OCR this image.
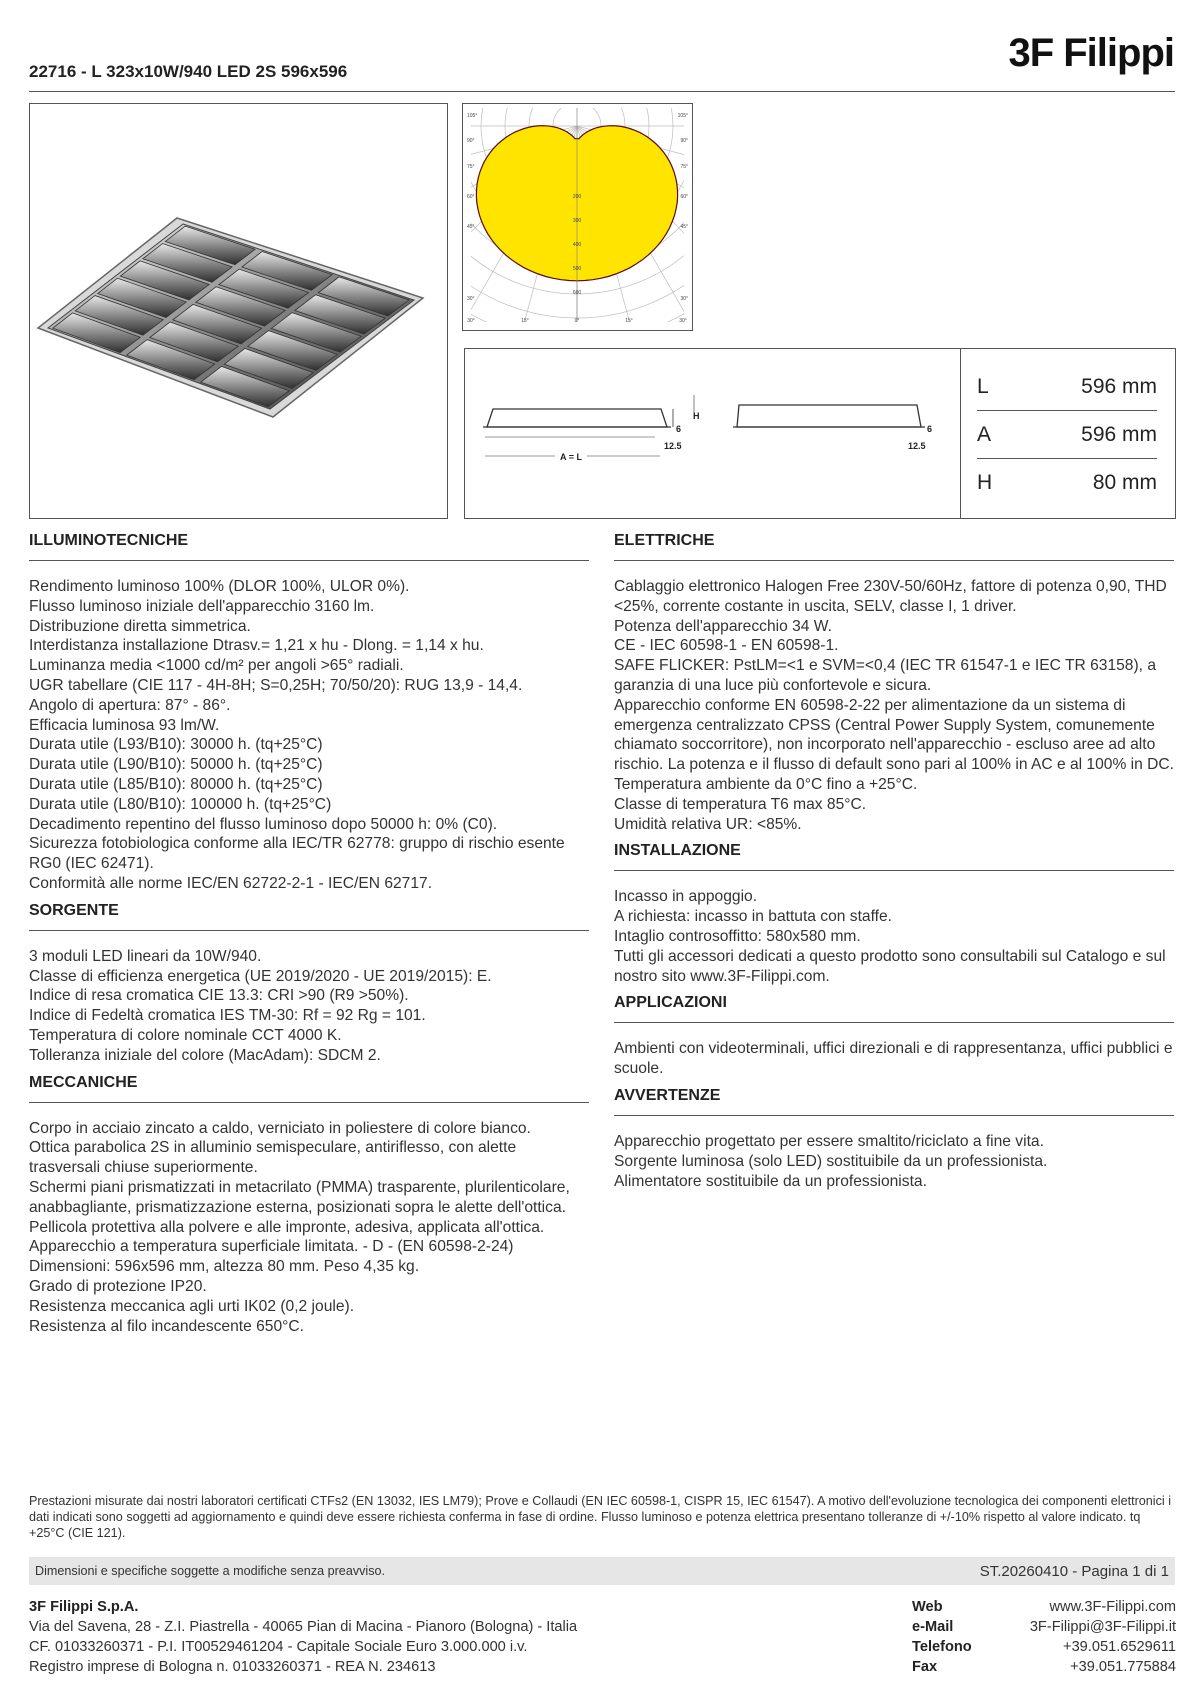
22716 - L 323x10W/940 LED 2S 596x596	3F Filippi
105°
90°
75°
60°
45°
30°
105°
90°
75°
60°
45°
30°
30°	15°	0°	15°	30°
200
300
400
500
600
A = L
H
6
12.5
6
12.5
L	596 mm
A	596 mm
H	80 mm
ILLUMINOTECNICHE

Rendimento luminoso 100% (DLOR 100%, ULOR 0%).

Flusso luminoso iniziale dell'apparecchio 3160 lm.

Distribuzione diretta simmetrica.

Interdistanza installazione Dtrasv.= 1,21 x hu - Dlong. = 1,14 x hu.

Luminanza media <1000 cd/m² per angoli >65° radiali.

UGR tabellare (CIE 117 - 4H-8H; S=0,25H; 70/50/20): RUG 13,9 - 14,4.

Angolo di apertura: 87° - 86°.

Efficacia luminosa 93 lm/W.

Durata utile (L93/B10): 30000 h. (tq+25°C)

Durata utile (L90/B10): 50000 h. (tq+25°C)

Durata utile (L85/B10): 80000 h. (tq+25°C)

Durata utile (L80/B10): 100000 h. (tq+25°C)

Decadimento repentino del flusso luminoso dopo 50000 h: 0% (C0).

Sicurezza fotobiologica conforme alla IEC/TR 62778: gruppo di rischio esente RG0 (IEC 62471).

Conformità alle norme IEC/EN 62722-2-1 - IEC/EN 62717.

SORGENTE

3 moduli LED lineari da 10W/940.

Classe di efficienza energetica (UE 2019/2020 - UE 2019/2015): E.

Indice di resa cromatica CIE 13.3: CRI >90 (R9 >50%).

Indice di Fedeltà cromatica IES TM-30: Rf = 92 Rg = 101.

Temperatura di colore nominale CCT 4000 K.

Tolleranza iniziale del colore (MacAdam): SDCM 2.

MECCANICHE

Corpo in acciaio zincato a caldo, verniciato in poliestere di colore bianco.

Ottica parabolica 2S in alluminio semispeculare, antiriflesso, con alette trasversali chiuse superiormente.

Schermi piani prismatizzati in metacrilato (PMMA) trasparente, plurilenticolare, anabbagliante, prismatizzazione esterna, posizionati sopra le alette dell'ottica.

Pellicola protettiva alla polvere e alle impronte, adesiva, applicata all'ottica.

Apparecchio a temperatura superficiale limitata. - D - (EN 60598-2-24)

Dimensioni: 596x596 mm, altezza 80 mm. Peso 4,35 kg.

Grado di protezione IP20.

Resistenza meccanica agli urti IK02 (0,2 joule).

Resistenza al filo incandescente 650°C.

ELETTRICHE

Cablaggio elettronico Halogen Free 230V-50/60Hz, fattore di potenza 0,90, THD <25%, corrente costante in uscita, SELV, classe I, 1 driver.

Potenza dell'apparecchio 34 W.

CE - IEC 60598-1 - EN 60598-1.

SAFE FLICKER: PstLM=<1 e SVM=<0,4 (IEC TR 61547-1 e IEC TR 63158), a garanzia di una luce più confortevole e sicura.

Apparecchio conforme EN 60598-2-22 per alimentazione da un sistema di emergenza centralizzato CPSS (Central Power Supply System, comunemente chiamato soccorritore), non incorporato nell'apparecchio - escluso aree ad alto rischio. La potenza e il flusso di default sono pari al 100% in AC e al 100% in DC.

Temperatura ambiente da 0°C fino a +25°C.

Classe di temperatura T6 max 85°C.

Umidità relativa UR: <85%.

INSTALLAZIONE

Incasso in appoggio.

A richiesta: incasso in battuta con staffe.

Intaglio controsoffitto: 580x580 mm.

Tutti gli accessori dedicati a questo prodotto sono consultabili sul Catalogo e sul nostro sito www.3F-Filippi.com.

APPLICAZIONI

Ambienti con videoterminali, uffici direzionali e di rappresentanza, uffici pubblici e scuole.

AVVERTENZE

Apparecchio progettato per essere smaltito/riciclato a fine vita.

Sorgente luminosa (solo LED) sostituibile da un professionista.

Alimentatore sostituibile da un professionista.

Prestazioni misurate dai nostri laboratori certificati CTFs2 (EN 13032, IES LM79); Prove e Collaudi (EN IEC 60598-1, CISPR 15, IEC 61547). A motivo dell'evoluzione tecnologica dei componenti elettronici i dati indicati sono soggetti ad aggiornamento e quindi deve essere richiesta conferma in fase di ordine. Flusso luminoso e potenza elettrica presentano tolleranze di +/-10% rispetto al valore indicato. tq +25°C (CIE 121).
Dimensioni e specifiche soggette a modifiche senza preavviso.	ST.20260410 - Pagina 1 di 1
3F Filippi S.p.A.
Via del Savena, 28 - Z.I. Piastrella - 40065 Pian di Macina - Pianoro (Bologna) - Italia
CF. 01033260371 - P.I. IT00529461204 - Capitale Sociale Euro 3.000.000 i.v.
Registro imprese di Bologna n. 01033260371 - REA N. 234613
Web	www.3F-Filippi.com
e-Mail	3F-Filippi@3F-Filippi.it
Telefono	+39.051.6529611
Fax	+39.051.775884
